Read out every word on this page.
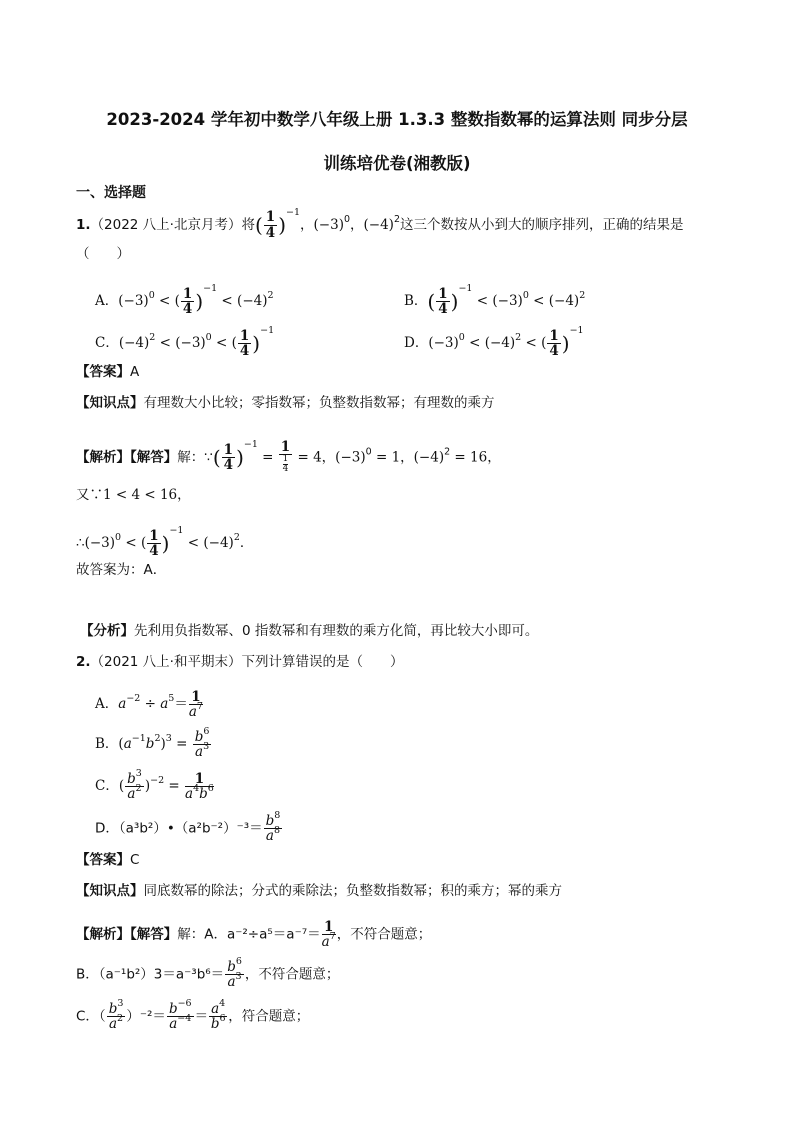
2023-2024 学年初中数学八年级上册 1.3.3 整数指数幂的运算法则 同步分层
训练培优卷(湘教版)
一、选择题
1.（2022 八上·北京月考）将( $\frac{1}{4} )-1$，$(-3)^0$，$(-4)^2$这三个数按从小到大的顺序排列，正确的结果是
（　　）
A．$(-3)^0$ < ( $\frac{1}{4} )-1 < (-4)^2$	B．( $\frac{1}{4} )-1 < (-3)^0 < (-4)^2$
C．$(-4)^2 < (-3)^0$ < ( $\frac{1}{4} )-1$
D．$(-3)^0 < (-4)^2$ < ( $\frac{1}{4} )-1$
【答案】A
【知识点】有理数大小比较；零指数幂；负整数指数幂；有理数的乘方
【解析】【解答】解：∵( $\frac{1}{4} )-1$ =
1
1
4
= 4，$(-3)^0 = 1$，$(-4)^2 = 16$，
又∵1 < 4 < 16，
$\therefore(-3)^0$ < ( $\frac{1}{4} )-1 < (-4)^2$．
故答案为：A．
【分析】先利用负指数幂、0 指数幂和有理数的乘方化简，再比较大小即可。
2.（2021 八上·和平期末）下列计算错误的是（　　）
A．$a^{-2} \div a^5= \frac{1}{a^7}$
B．$(a^{-1}b^2)^3 = \frac{b^6}{a^3}$
C．( $\frac{b^3}{a^2} )^{-2} = \frac{1}{a^4b^6}$
D．（a³b²）•（a²b⁻²）⁻³＝ $\frac{b^8}{a^8}$
【答案】C
【知识点】同底数幂的除法；分式的乘除法；负整数指数幂；积的乘方；幂的乘方
【解析】【解答】解：A．$a^{-2}\div a^5=a^{-7}= \frac{1}{a^7}$ ，不符合题意；
B．$(a^{-1}b^2)3=a^{-3}b^6= \frac{b^6}{a^3}$ ，不符合题意；
C．（ $\frac{b^3}{a^2} )^{-2}= \frac{b^{-6}}{a^{-4}} = \frac{a^4}{b^6}$ ，符合题意；
